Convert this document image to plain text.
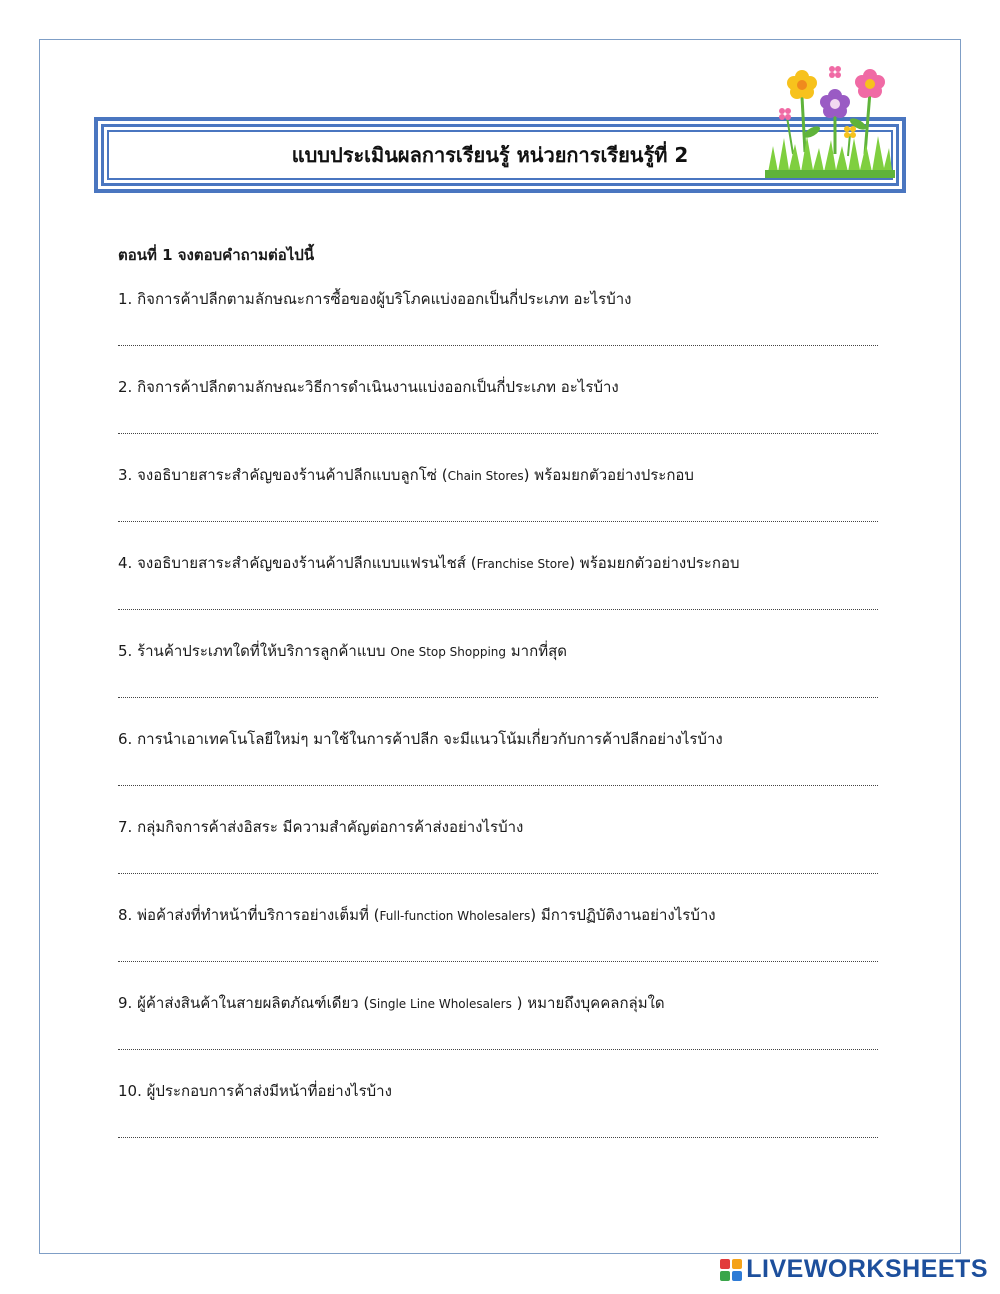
แบบประเมินผลการเรียนรู้ หน่วยการเรียนรู้ที่ 2
ตอนที่ 1 จงตอบคำถามต่อไปนี้
1. กิจการค้าปลีกตามลักษณะการซื้อของผู้บริโภคแบ่งออกเป็นกี่ประเภท อะไรบ้าง
2. กิจการค้าปลีกตามลักษณะวิธีการดำเนินงานแบ่งออกเป็นกี่ประเภท อะไรบ้าง
3. จงอธิบายสาระสำคัญของร้านค้าปลีกแบบลูกโซ่ (Chain Stores) พร้อมยกตัวอย่างประกอบ
4. จงอธิบายสาระสำคัญของร้านค้าปลีกแบบแฟรนไชส์ (Franchise Store) พร้อมยกตัวอย่างประกอบ
5. ร้านค้าประเภทใดที่ให้บริการลูกค้าแบบ One Stop Shopping มากที่สุด
6. การนำเอาเทคโนโลยีใหม่ๆ มาใช้ในการค้าปลีก จะมีแนวโน้มเกี่ยวกับการค้าปลีกอย่างไรบ้าง
7. กลุ่มกิจการค้าส่งอิสระ มีความสำคัญต่อการค้าส่งอย่างไรบ้าง
8. พ่อค้าส่งที่ทำหน้าที่บริการอย่างเต็มที่ (Full-function Wholesalers) มีการปฏิบัติงานอย่างไรบ้าง
9. ผู้ค้าส่งสินค้าในสายผลิตภัณฑ์เดียว (Single Line Wholesalers ) หมายถึงบุคคลกลุ่มใด
10. ผู้ประกอบการค้าส่งมีหน้าที่อย่างไรบ้าง
LIVEWORKSHEETS
